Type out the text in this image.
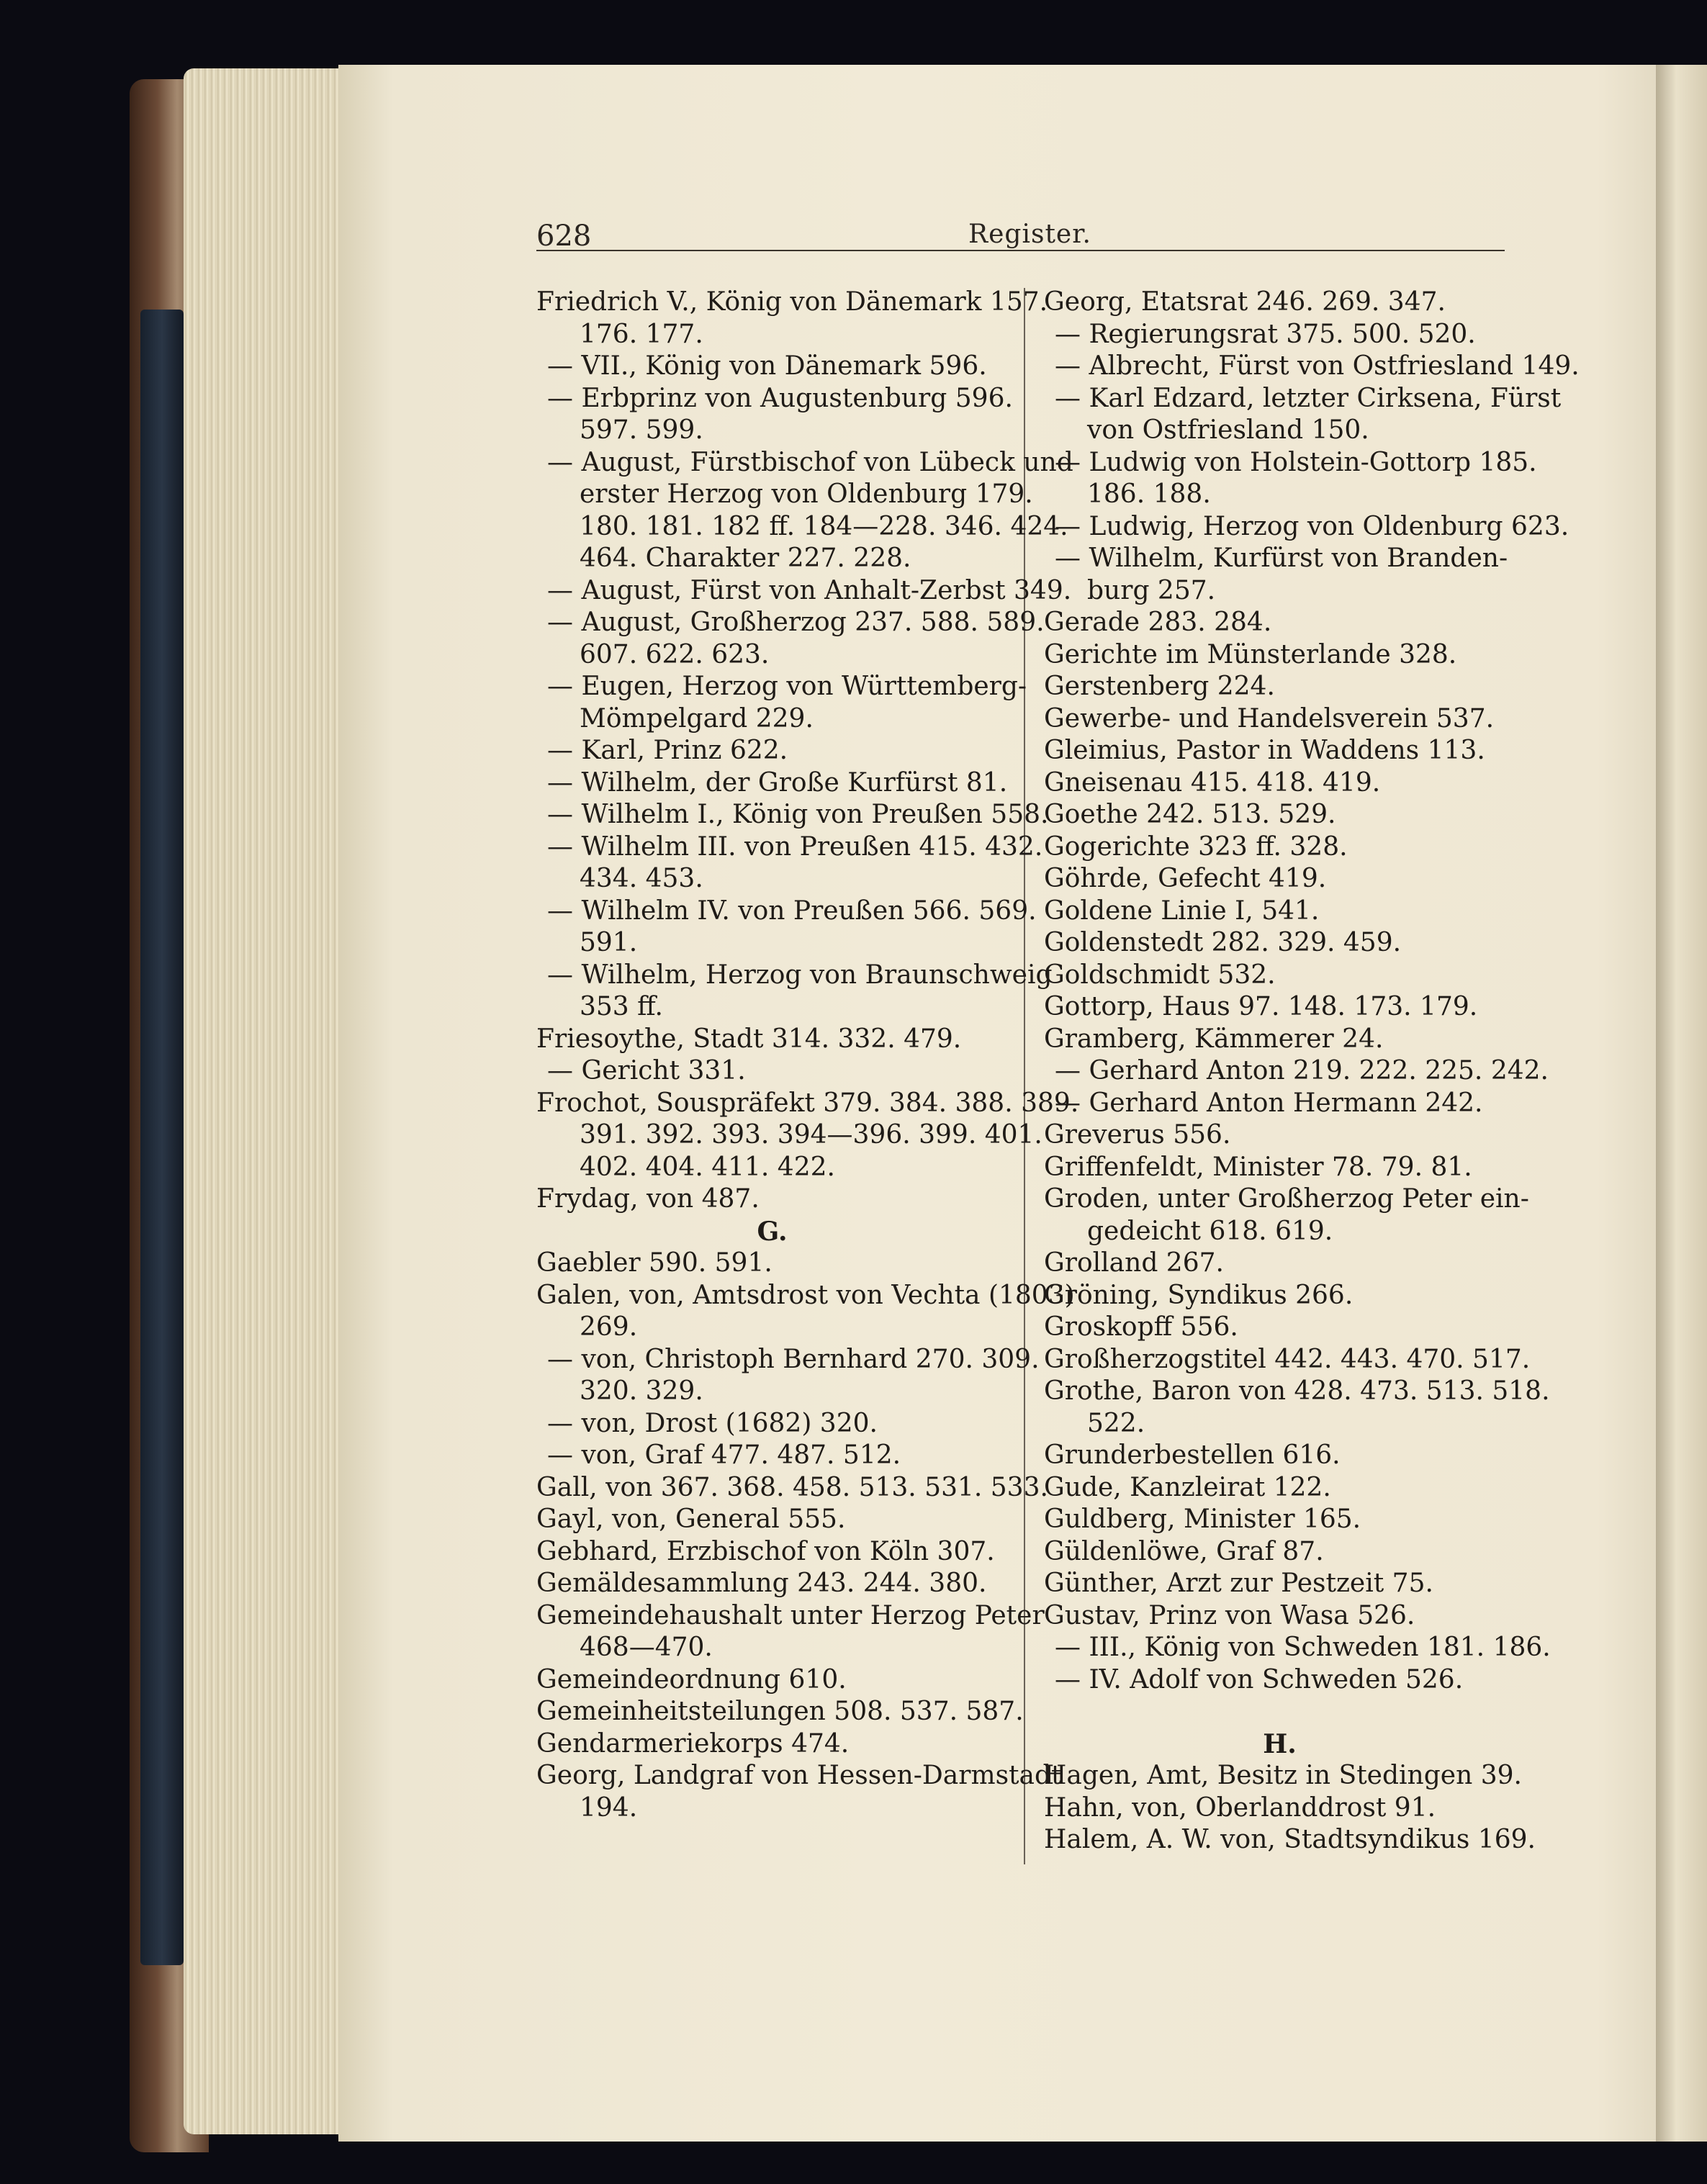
628	Register.
Friedrich V., König von Dänemark 157.
176. 177.
— VII., König von Dänemark 596.
— Erbprinz von Augustenburg 596.
597. 599.
— August, Fürstbischof von Lübeck und
erster Herzog von Oldenburg 179.
180. 181. 182 ff. 184—228. 346. 424.
464. Charakter 227. 228.
— August, Fürst von Anhalt-Zerbst 349.
— August, Großherzog 237. 588. 589.
607. 622. 623.
— Eugen, Herzog von Württemberg-
Mömpelgard 229.
— Karl, Prinz 622.
— Wilhelm, der Große Kurfürst 81.
— Wilhelm I., König von Preußen 558.
— Wilhelm III. von Preußen 415. 432.
434. 453.
— Wilhelm IV. von Preußen 566. 569.
591.
— Wilhelm, Herzog von Braunschweig
353 ff.
Friesoythe, Stadt 314. 332. 479.
— Gericht 331.
Frochot, Souspräfekt 379. 384. 388. 389.
391. 392. 393. 394—396. 399. 401.
402. 404. 411. 422.
Frydag, von 487.
G.
Gaebler 590. 591.
Galen, von, Amtsdrost von Vechta (1803)
269.
— von, Christoph Bernhard 270. 309.
320. 329.
— von, Drost (1682) 320.
— von, Graf 477. 487. 512.
Gall, von 367. 368. 458. 513. 531. 533.
Gayl, von, General 555.
Gebhard, Erzbischof von Köln 307.
Gemäldesammlung 243. 244. 380.
Gemeindehaushalt unter Herzog Peter
468—470.
Gemeindeordnung 610.
Gemeinheitsteilungen 508. 537. 587.
Gendarmeriekorps 474.
Georg, Landgraf von Hessen-Darmstadt
194.
Georg, Etatsrat 246. 269. 347.
— Regierungsrat 375. 500. 520.
— Albrecht, Fürst von Ostfriesland 149.
— Karl Edzard, letzter Cirksena, Fürst
von Ostfriesland 150.
— Ludwig von Holstein-Gottorp 185.
186. 188.
— Ludwig, Herzog von Oldenburg 623.
— Wilhelm, Kurfürst von Branden-
burg 257.
Gerade 283. 284.
Gerichte im Münsterlande 328.
Gerstenberg 224.
Gewerbe- und Handelsverein 537.
Gleimius, Pastor in Waddens 113.
Gneisenau 415. 418. 419.
Goethe 242. 513. 529.
Gogerichte 323 ff. 328.
Göhrde, Gefecht 419.
Goldene Linie I, 541.
Goldenstedt 282. 329. 459.
Goldschmidt 532.
Gottorp, Haus 97. 148. 173. 179.
Gramberg, Kämmerer 24.
— Gerhard Anton 219. 222. 225. 242.
— Gerhard Anton Hermann 242.
Greverus 556.
Griffenfeldt, Minister 78. 79. 81.
Groden, unter Großherzog Peter ein-
gedeicht 618. 619.
Grolland 267.
Gröning, Syndikus 266.
Groskopff 556.
Großherzogstitel 442. 443. 470. 517.
Grothe, Baron von 428. 473. 513. 518.
522.
Grunderbestellen 616.
Gude, Kanzleirat 122.
Guldberg, Minister 165.
Güldenlöwe, Graf 87.
Günther, Arzt zur Pestzeit 75.
Gustav, Prinz von Wasa 526.
— III., König von Schweden 181. 186.
— IV. Adolf von Schweden 526.
H.
Hagen, Amt, Besitz in Stedingen 39.
Hahn, von, Oberlanddrost 91.
Halem, A. W. von, Stadtsyndikus 169.
